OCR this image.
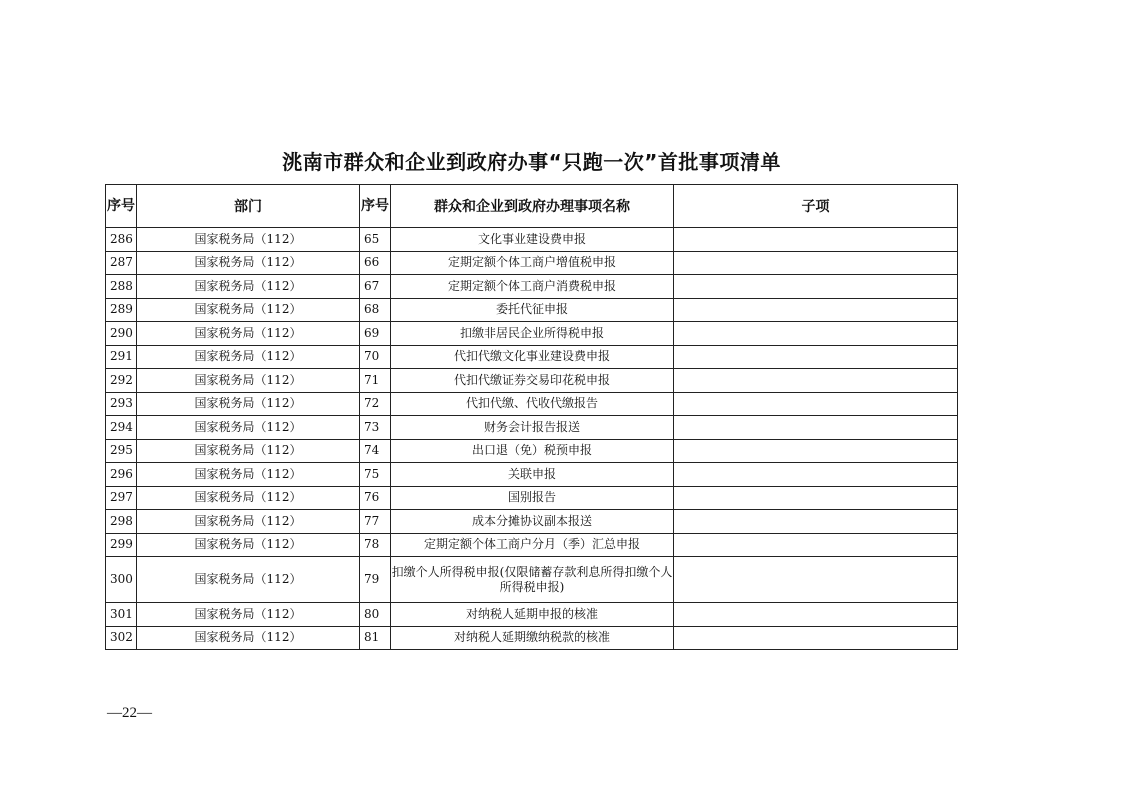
洮南市群众和企业到政府办事“只跑一次”首批事项清单
序号	部门	序号	群众和企业到政府办理事项名称	子项
286	国家税务局（112）	65	文化事业建设费申报	
287	国家税务局（112）	66	定期定额个体工商户增值税申报	
288	国家税务局（112）	67	定期定额个体工商户消费税申报	
289	国家税务局（112）	68	委托代征申报	
290	国家税务局（112）	69	扣缴非居民企业所得税申报	
291	国家税务局（112）	70	代扣代缴文化事业建设费申报	
292	国家税务局（112）	71	代扣代缴证券交易印花税申报	
293	国家税务局（112）	72	代扣代缴、代收代缴报告	
294	国家税务局（112）	73	财务会计报告报送	
295	国家税务局（112）	74	出口退（免）税预申报	
296	国家税务局（112）	75	关联申报	
297	国家税务局（112）	76	国别报告	
298	国家税务局（112）	77	成本分摊协议副本报送	
299	国家税务局（112）	78	定期定额个体工商户分月（季）汇总申报	
300	国家税务局（112）	79	扣缴个人所得税申报(仅限储蓄存款利息所得扣缴个人所得税申报)	
301	国家税务局（112）	80	对纳税人延期申报的核准	
302	国家税务局（112）	81	对纳税人延期缴纳税款的核准	
—22—
